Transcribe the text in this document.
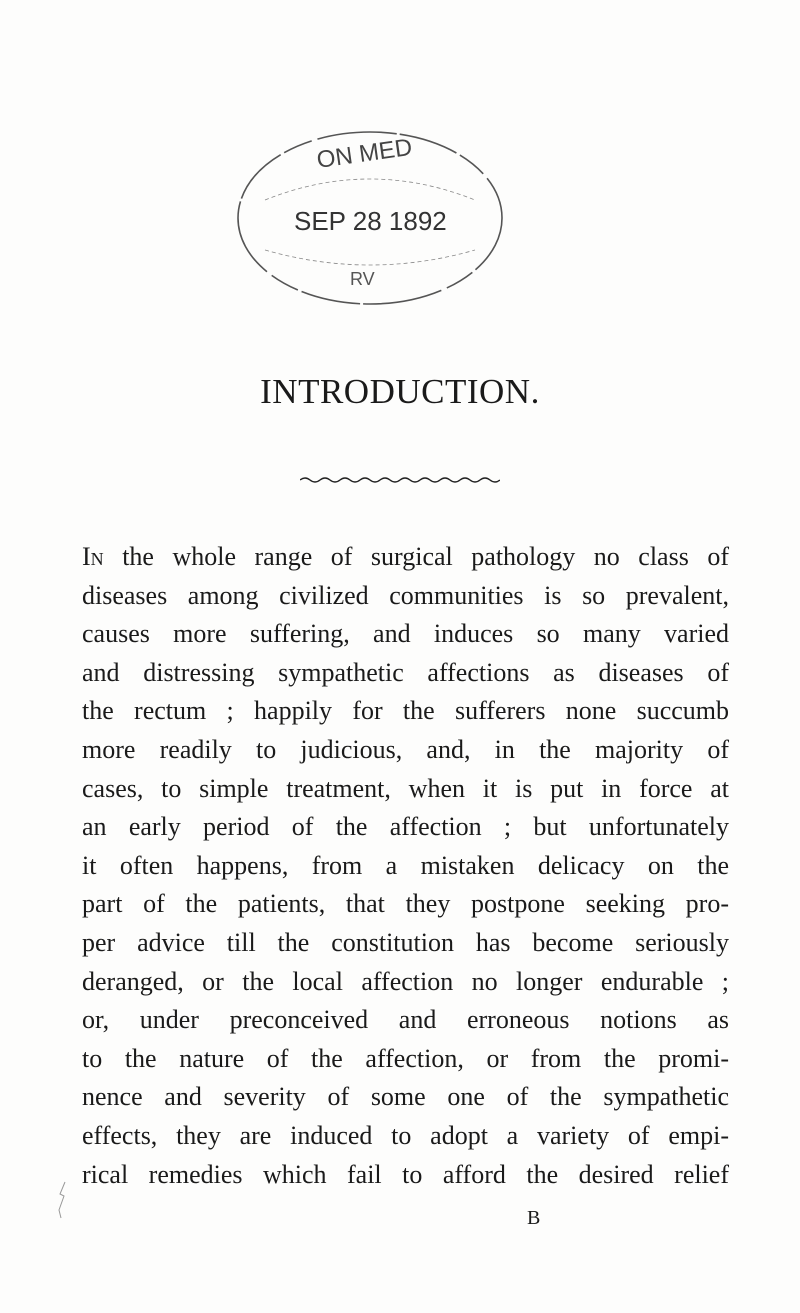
ON MED
SEP 28 1892
RV
INTRODUCTION.
In the whole range of surgical pathology no class of
diseases among civilized communities is so prevalent,
causes more suffering, and induces so many varied
and distressing sympathetic affections as diseases of
the rectum ; happily for the sufferers none succumb
more readily to judicious, and, in the majority of
cases, to simple treatment, when it is put in force at
an early period of the affection ; but unfortunately
it often happens, from a mistaken delicacy on the
part of the patients, that they postpone seeking pro-
per advice till the constitution has become seriously
deranged, or the local affection no longer endurable ;
or, under preconceived and erroneous notions as
to the nature of the affection, or from the promi-
nence and severity of some one of the sympathetic
effects, they are induced to adopt a variety of empi-
rical remedies which fail to afford the desired relief
B
